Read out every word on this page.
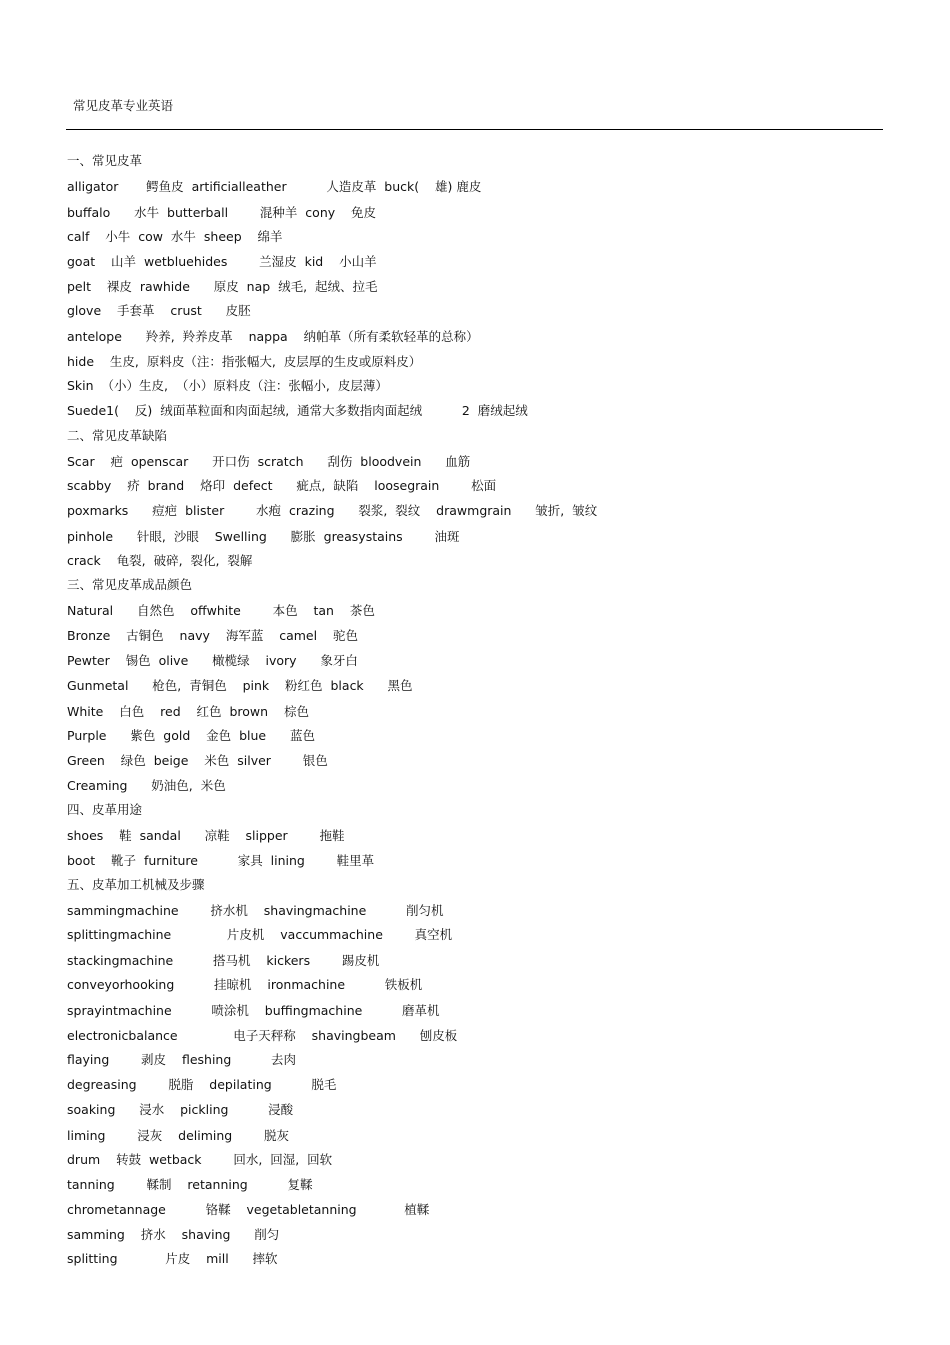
常见皮革专业英语
一、常见皮革
alligator       鳄鱼皮  artificialleather          人造皮革  buck(    雄) 鹿皮
buffalo      水牛  butterball        混种羊  cony    免皮
calf    小牛  cow  水牛  sheep    绵羊
goat    山羊  wetbluehides        兰湿皮  kid    小山羊
pelt    裸皮  rawhide      原皮  nap  绒毛,  起绒、拉毛
glove    手套革    crust      皮胚
antelope      羚养,  羚养皮革    nappa    纳帕革（所有柔软轻革的总称）
hide    生皮,  原料皮（注：指张幅大,  皮层厚的生皮或原料皮）
Skin  （小）生皮,  （小）原料皮（注：张幅小,  皮层薄）
Suede1(    反)  绒面革粒面和肉面起绒,  通常大多数指肉面起绒          2  磨绒起绒
二、常见皮革缺陷
Scar    疤  openscar      开口伤  scratch      刮伤  bloodvein      血筋
scabby    疥  brand    烙印  defect      疵点,  缺陷    loosegrain        松面
poxmarks      痘疤  blister        水疱  crazing      裂浆,  裂纹    drawmgrain      皱折,  皱纹
pinhole      针眼,  沙眼    Swelling      膨胀  greasystains        油斑
crack    龟裂,  破碎,  裂化,  裂解
三、常见皮革成品颜色
Natural      自然色    offwhite        本色    tan    茶色
Bronze    古铜色    navy    海军蓝    camel    驼色
Pewter    锡色  olive      橄榄绿    ivory      象牙白
Gunmetal      枪色,  青铜色    pink    粉红色  black      黑色
White    白色    red    红色  brown    棕色
Purple      紫色  gold    金色  blue      蓝色
Green    绿色  beige    米色  silver        银色
Creaming      奶油色,  米色
四、皮革用途
shoes    鞋  sandal      凉鞋    slipper        拖鞋
boot    靴子  furniture          家具  lining        鞋里革
五、皮革加工机械及步骤
sammingmachine        挤水机    shavingmachine          削匀机
splittingmachine              片皮机    vaccummachine        真空机
stackingmachine          搭马机    kickers        踢皮机
conveyorhooking          挂晾机    ironmachine          铁板机
sprayintmachine          喷涂机    buffingmachine          磨革机
electronicbalance              电子天秤称    shavingbeam      刨皮板
flaying        剥皮    fleshing          去肉
degreasing        脱脂    depilating          脱毛
soaking      浸水    pickling          浸酸
liming        浸灰    deliming        脱灰
drum    转鼓  wetback        回水,  回湿,  回软
tanning        鞣制    retanning          复鞣
chrometannage          铬鞣    vegetabletanning            植鞣
samming    挤水    shaving      削匀
splitting            片皮    mill      摔软
